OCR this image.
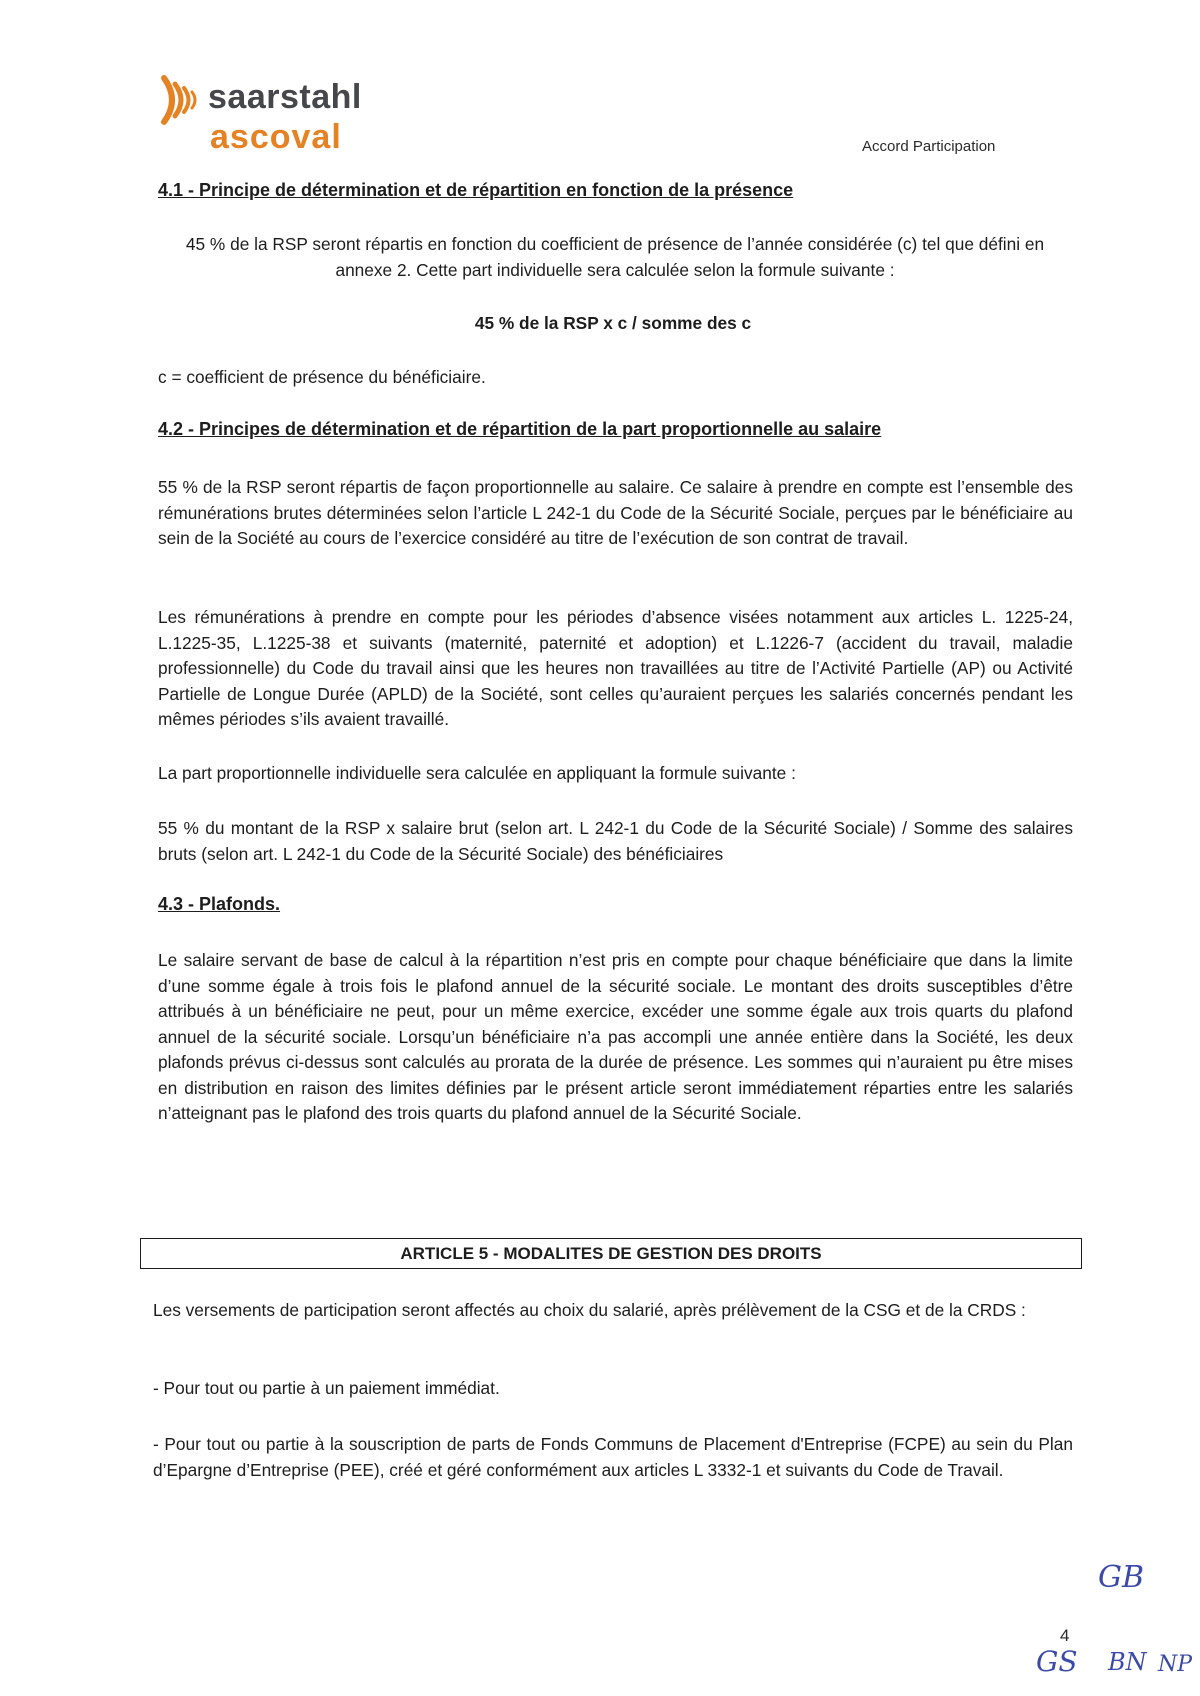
saarstahl
ascoval	Accord Participation
4.1 - Principe de détermination et de répartition en fonction de la présence
45 % de la RSP seront répartis en fonction du coefficient de présence de l’année considérée (c) tel que défini en annexe 2. Cette part individuelle sera calculée selon la formule suivante :
45 % de la RSP x c / somme des c
c = coefficient de présence du bénéficiaire.
4.2 - Principes de détermination et de répartition de la part proportionnelle au salaire
55 % de la RSP seront répartis de façon proportionnelle au salaire. Ce salaire à prendre en compte est l’ensemble des rémunérations brutes déterminées selon l’article L 242-1 du Code de la Sécurité Sociale, perçues par le bénéficiaire au sein de la Société au cours de l’exercice considéré au titre de l’exécution de son contrat de travail.
Les rémunérations à prendre en compte pour les périodes d’absence visées notamment aux articles L. 1225-24, L.1225-35, L.1225-38 et suivants (maternité, paternité et adoption) et L.1226-7 (accident du travail, maladie professionnelle) du Code du travail ainsi que les heures non travaillées au titre de l’Activité Partielle (AP) ou Activité Partielle de Longue Durée (APLD) de la Société, sont celles qu’auraient perçues les salariés concernés pendant les mêmes périodes s’ils avaient travaillé.
La part proportionnelle individuelle sera calculée en appliquant la formule suivante :
55 % du montant de la RSP x salaire brut (selon art. L 242-1 du Code de la Sécurité Sociale) / Somme des salaires bruts (selon art. L 242-1 du Code de la Sécurité Sociale) des bénéficiaires
4.3 - Plafonds.
Le salaire servant de base de calcul à la répartition n’est pris en compte pour chaque bénéficiaire que dans la limite d’une somme égale à trois fois le plafond annuel de la sécurité sociale. Le montant des droits susceptibles d’être attribués à un bénéficiaire ne peut, pour un même exercice, excéder une somme égale aux trois quarts du plafond annuel de la sécurité sociale. Lorsqu’un bénéficiaire n’a pas accompli une année entière dans la Société, les deux plafonds prévus ci-dessus sont calculés au prorata de la durée de présence. Les sommes qui n’auraient pu être mises en distribution en raison des limites définies par le présent article seront immédiatement réparties entre les salariés n’atteignant pas le plafond des trois quarts du plafond annuel de la Sécurité Sociale.
ARTICLE 5 - MODALITES DE GESTION DES DROITS
Les versements de participation seront affectés au choix du salarié, après prélèvement de la CSG et de la CRDS :
- Pour tout ou partie à un paiement immédiat.
- Pour tout ou partie à la souscription de parts de Fonds Communs de Placement d'Entreprise (FCPE) au sein du Plan d’Epargne d’Entreprise (PEE), créé et géré conformément aux articles L 3332-1 et suivants du Code de Travail.
4
GB
GS BN NP
